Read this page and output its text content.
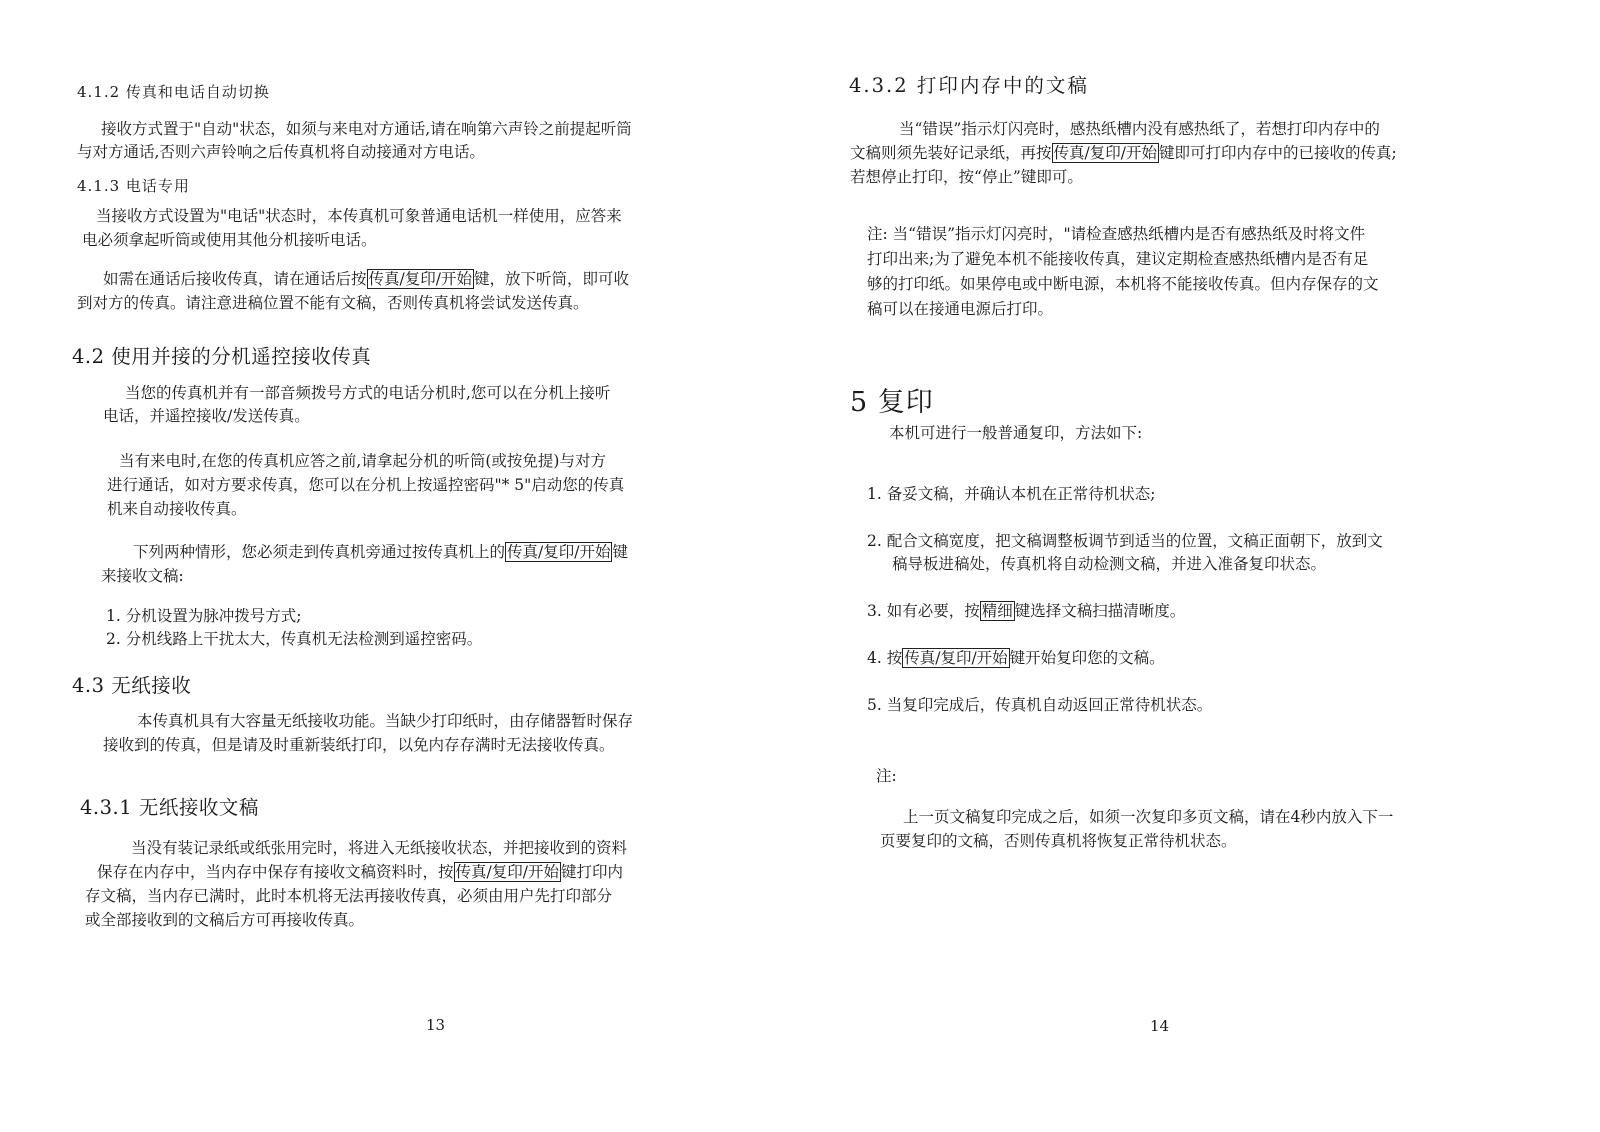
4.1.2 传真和电话自动切换
接收方式置于"自动"状态，如须与来电对方通话,请在响第六声铃之前提起听筒
与对方通话,否则六声铃响之后传真机将自动接通对方电话。
4.1.3 电话专用
当接收方式设置为"电话"状态时，本传真机可象普通电话机一样使用，应答来
电必须拿起听筒或使用其他分机接听电话。
如需在通话后接收传真，请在通话后按 传真/复印/开始 键，放下听筒，即可收
到对方的传真。请注意进稿位置不能有文稿，否则传真机将尝试发送传真。
4.2 使用并接的分机遥控接收传真
当您的传真机并有一部音频拨号方式的电话分机时,您可以在分机上接听
电话，并遥控接收/发送传真。
当有来电时,在您的传真机应答之前,请拿起分机的听筒(或按免提)与对方
进行通话，如对方要求传真，您可以在分机上按遥控密码"* 5"启动您的传真
机来自动接收传真。
下列两种情形，您必须走到传真机旁通过按传真机上的 传真/复印/开始 键
来接收文稿:
1. 分机设置为脉冲拨号方式;
2. 分机线路上干扰太大，传真机无法检测到遥控密码。
4.3 无纸接收
本传真机具有大容量无纸接收功能。当缺少打印纸时，由存储器暂时保存
接收到的传真，但是请及时重新装纸打印，以免内存存满时无法接收传真。
4.3.1 无纸接收文稿
当没有装记录纸或纸张用完时，将进入无纸接收状态，并把接收到的资料
保存在内存中，当内存中保存有接收文稿资料时，按 传真/复印/开始 键打印内
存文稿，当内存已满时，此时本机将无法再接收传真，必须由用户先打印部分
或全部接收到的文稿后方可再接收传真。
13
4.3.2 打印内存中的文稿
当“错误”指示灯闪亮时，感热纸槽内没有感热纸了，若想打印内存中的
文稿则须先装好记录纸，再按 传真/复印/开始 键即可打印内存中的已接收的传真;
若想停止打印，按“停止”键即可。
注: 当“错误”指示灯闪亮时，"请检查感热纸槽内是否有感热纸及时将文件
打印出来;为了避免本机不能接收传真，建议定期检查感热纸槽内是否有足
够的打印纸。如果停电或中断电源，本机将不能接收传真。但内存保存的文
稿可以在接通电源后打印。
5 复印
本机可进行一般普通复印，方法如下:
1. 备妥文稿，并确认本机在正常待机状态;
2. 配合文稿宽度，把文稿调整板调节到适当的位置，文稿正面朝下，放到文
稿导板进稿处，传真机将自动检测文稿，并进入准备复印状态。
3. 如有必要，按 精细 键选择文稿扫描清晰度。
4. 按 传真/复印/开始 键开始复印您的文稿。
5. 当复印完成后，传真机自动返回正常待机状态。
注:
上一页文稿复印完成之后，如须一次复印多页文稿，请在4秒内放入下一
页要复印的文稿，否则传真机将恢复正常待机状态。
14
